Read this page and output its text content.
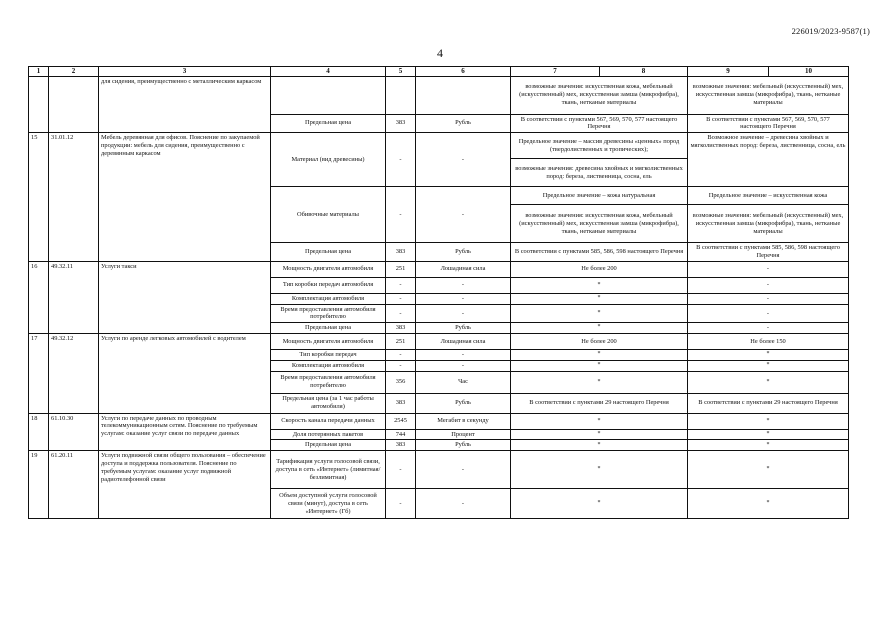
226019/2023-9587(1)
4
1	2	3	4	5	6	7	8	9	10
		для сидения, преимущественно с металлическим каркасом				возможные значения: искусственная кожа, мебельный (искусственный) мех, искусственная замша (микрофибра), ткань, нетканые материалы		возможные значения: мебельный (искусственный) мех, искусственная замша (микрофибра), ткань, нетканые материалы	
			Предельная цена	383	Рубль	В соответствии с пунктами 567, 569, 570, 577 настоящего Перечня		В соответствии с пунктами 567, 569, 570, 577 настоящего Перечня	
15	31.01.12	Мебель деревянная для офисов. Пояснение по закупаемой продукции: мебель для сидения, преимущественно с деревянным каркасом	Материал (вид древесины)	-	-	Предельное значение – массив древесины «ценных» пород (твердолиственных и тропических);		Возможное значение – древесина хвойных и мягколиственных пород: береза, лиственница, сосна, ель	
						возможные значения: древесина хвойных и мягколиственных пород: береза, лиственница, сосна, ель			
			Обивочные материалы	-	-	Предельное значение – кожа натуральная		Предельное значение – искусственная кожа	
						возможные значения: искусственная кожа, мебельный (искусственный) мех, искусственная замша (микрофибра), ткань, нетканые материалы		возможные значения: мебельный (искусственный) мех, искусственная замша (микрофибра), ткань, нетканые материалы	
			Предельная цена	383	Рубль	В соответствии с пунктами 585, 586, 598 настоящего Перечня		В соответствии с пунктами 585, 586, 598 настоящего Перечня	
16	49.32.11	Услуги такси	Мощность двигателя автомобиля	251	Лошадиная сила	Не более 200		-	
			Тип коробки передач автомобиля	-	-	*		-	
			Комплектация автомобиля	-	-	*		-	
			Время предоставления автомобиля потребителю	-	-	*		-	
			Предельная цена	383	Рубль	*		-	
17	49.32.12	Услуги по аренде легковых автомобилей с водителем	Мощность двигателя автомобиля	251	Лошадиная сила	Не более 200		Не более 150	
			Тип коробки передач	-	-	*		*	
			Комплектация автомобиля	-	-	*		*	
			Время предоставления автомобиля потребителю	356	Час	*		*	
			Предельная цена (за 1 час работы автомобиля)	383	Рубль	В соответствии с пунктами 29 настоящего Перечня		В соответствии с пунктами 29 настоящего Перечня	
18	61.10.30	Услуги по передаче данных по проводным телекоммуникационным сетям. Пояснение по требуемым услугам: оказание услуг связи по передаче данных	Скорость канала передачи данных	2545	Мегабит в секунду	*		*	
			Доля потерянных пакетов	744	Процент	*		*	
			Предельная цена	383	Рубль	*		*	
19	61.20.11	Услуги подвижной связи общего пользования – обеспечение доступа и поддержка пользователя. Пояснение по требуемым услугам: оказание услуг подвижной радиотелефонной связи	Тарификация услуги голосовой связи, доступа в сеть «Интернет» (лимитная/безлимитная)	-	-	*		*	
			Объем доступной услуги голосовой связи (минут), доступа в сеть «Интернет» (Гб)	-	-	*		*	
